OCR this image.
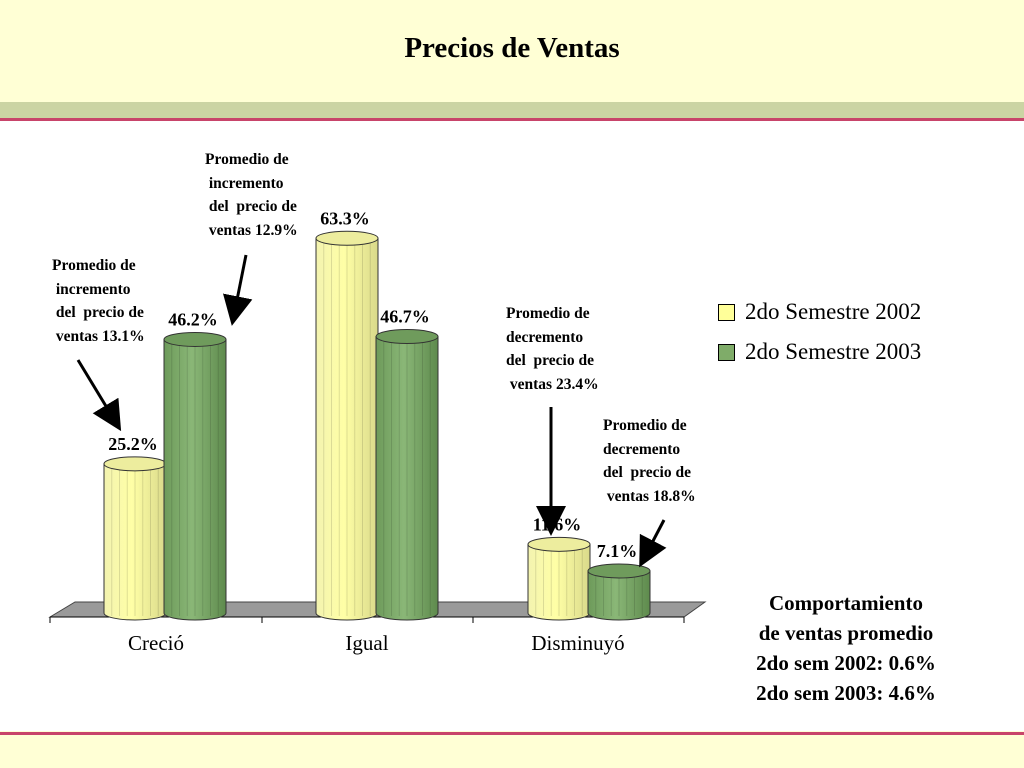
Precios de Ventas
Creció	Igual	Disminuyó
25.2%
63.3%
11.6%
46.2%	46.7%
7.1%
2do Semestre 2002
2do Semestre 2003
Promedio de
incremento
del  precio de
ventas 13.1%
Promedio de
incremento
del  precio de
ventas 12.9%
Promedio de
decremento
del  precio de
ventas 23.4%
Promedio de
decremento
del  precio de
ventas 18.8%
Comportamiento
de ventas promedio
2do sem 2002: 0.6%
2do sem 2003: 4.6%
